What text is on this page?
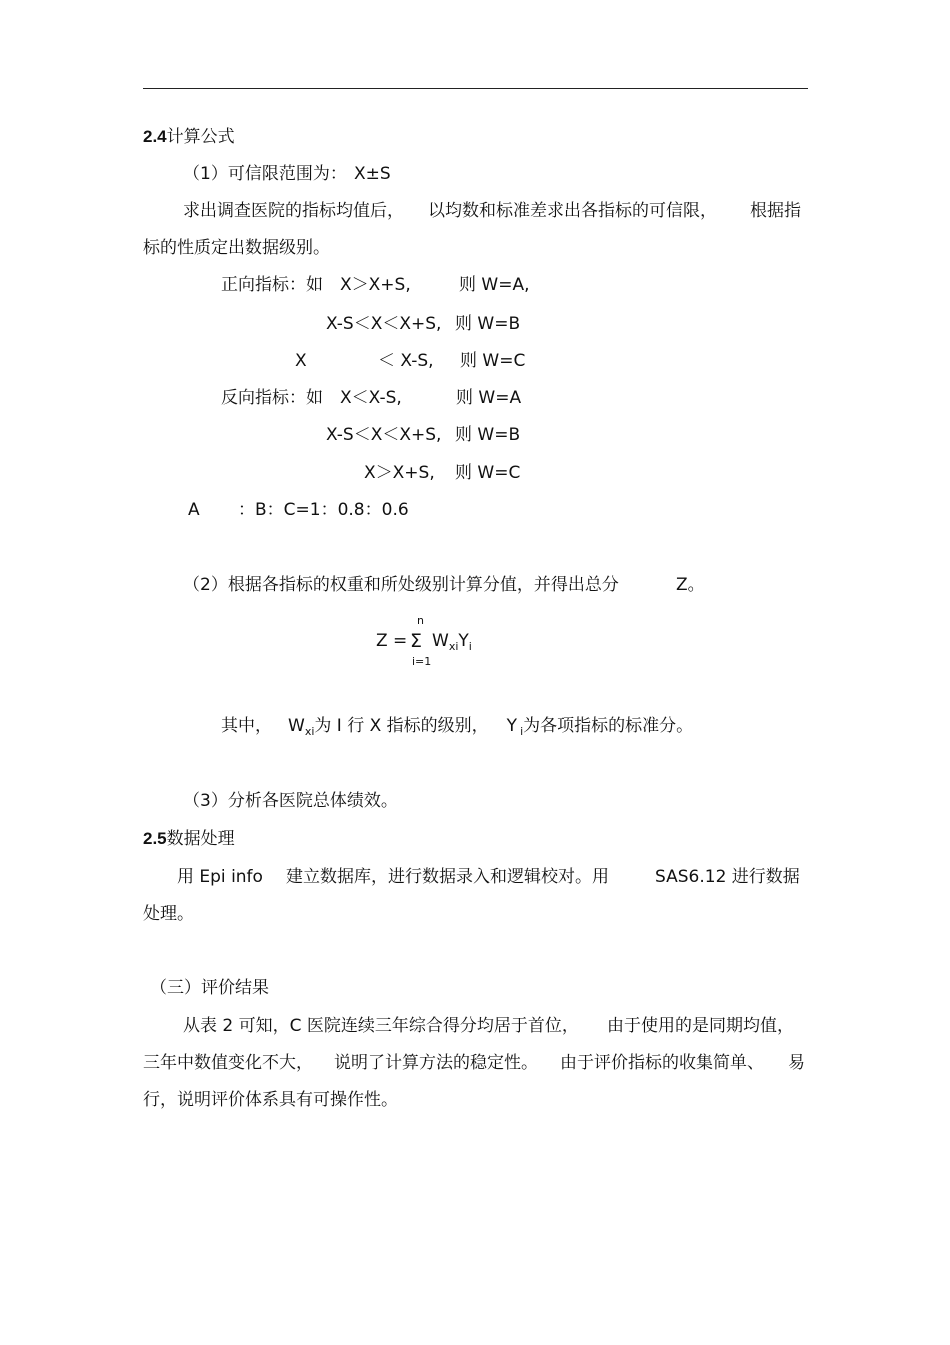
2.4计算公式
（1）可信限范围为： X±S
求出调查医院的指标均值后， 以均数和标准差求出各指标的可信限， 根据指
标的性质定出数据级别。
正向指标：如 X＞X+S,	则 W=A,
X-S＜X＜X+S, 则 W=B
X	＜ X-S, 则 W=C
反向指标：如 X＜X-S,	则 W=A
X-S＜X＜X+S, 则 W=B
X＞X+S, 则 W=C
A ：B：C=1：0.8：0.6
（2）根据各指标的权重和所处级别计算分值，并得出总分	Z。
Z =
n
Σ
i=1
$W_{xi}Y_i$
其中， $W_{xi}$为 I 行 X 指标的级别， Y $_i$为各项指标的标准分。
（3）分析各医院总体绩效。
2.5数据处理
用 Epi info 建立数据库，进行数据录入和逻辑校对。用	SAS6.12 进行数据
处理。
（三）评价结果
从表 2 可知，C 医院连续三年综合得分均居于首位， 由于使用的是同期均值，
三年中数值变化不大， 说明了计算方法的稳定性。 由于评价指标的收集简单、 易
行，说明评价体系具有可操作性。
